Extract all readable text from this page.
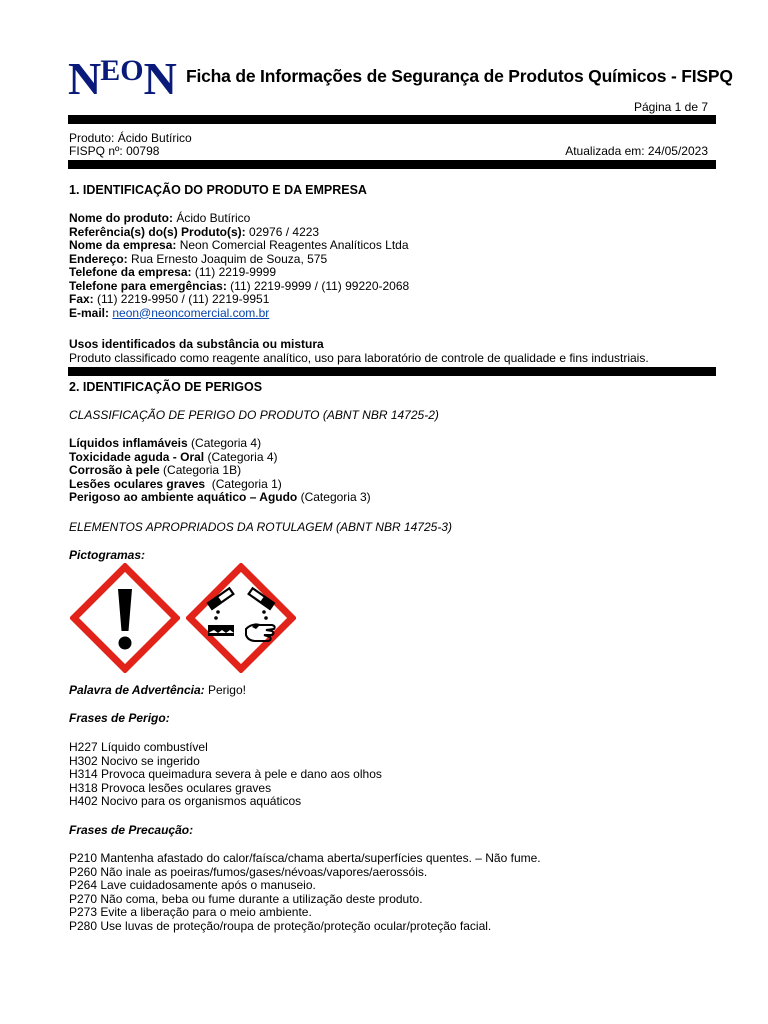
NEON Ficha de Informações de Segurança de Produtos Químicos - FISPQ
Página 1 de 7
Produto: Ácido Butírico
FISPQ nº: 00798	Atualizada em: 24/05/2023
1. IDENTIFICAÇÃO DO PRODUTO E DA EMPRESA
Nome do produto: Ácido Butírico
Referência(s) do(s) Produto(s): 02976 / 4223
Nome da empresa: Neon Comercial Reagentes Analíticos Ltda
Endereço: Rua Ernesto Joaquim de Souza, 575
Telefone da empresa: (11) 2219-9999
Telefone para emergências: (11) 2219-9999 / (11) 99220-2068
Fax: (11) 2219-9950 / (11) 2219-9951
E-mail: neon@neoncomercial.com.br
Usos identificados da substância ou mistura
Produto classificado como reagente analítico, uso para laboratório de controle de qualidade e fins industriais.
2. IDENTIFICAÇÃO DE PERIGOS
CLASSIFICAÇÃO DE PERIGO DO PRODUTO (ABNT NBR 14725-2)
Líquidos inflamáveis (Categoria 4)
Toxicidade aguda - Oral (Categoria 4)
Corrosão à pele (Categoria 1B)
Lesões oculares graves  (Categoria 1)
Perigoso ao ambiente aquático – Agudo (Categoria 3)
ELEMENTOS APROPRIADOS DA ROTULAGEM (ABNT NBR 14725-3)
Pictogramas:
Palavra de Advertência: Perigo!
Frases de Perigo:
H227 Líquido combustível
H302 Nocivo se ingerido
H314 Provoca queimadura severa à pele e dano aos olhos
H318 Provoca lesões oculares graves
H402 Nocivo para os organismos aquáticos
Frases de Precaução:
P210 Mantenha afastado do calor/faísca/chama aberta/superfícies quentes. – Não fume.
P260 Não inale as poeiras/fumos/gases/névoas/vapores/aerossóis.
P264 Lave cuidadosamente após o manuseio.
P270 Não coma, beba ou fume durante a utilização deste produto.
P273 Evite a liberação para o meio ambiente.
P280 Use luvas de proteção/roupa de proteção/proteção ocular/proteção facial.
